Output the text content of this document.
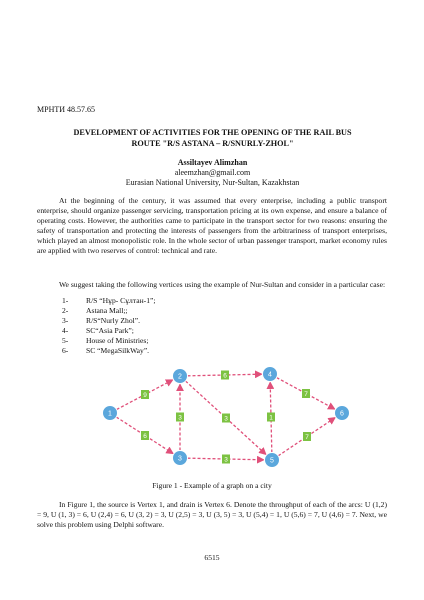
МРНТИ 48.57.65
DEVELOPMENT OF ACTIVITIES FOR THE OPENING OF THE RAIL BUS ROUTE "R/S ASTANA – R/SNURLY-ZHOL"
Assiltayev Alimzhan
aleemzhan@gmail.com
Eurasian National University, Nur-Sultan, Kazakhstan
At the beginning of the century, it was assumed that every enterprise, including a public transport enterprise, should organize passenger servicing, transportation pricing at its own expense, and ensure a balance of operating costs. However, the authorities came to participate in the transport sector for two reasons: ensuring the safety of transportation and protecting the interests of passengers from the arbitrariness of transport enterprises, which played an almost monopolistic role. In the whole sector of urban passenger transport, market economy rules are applied with two reserves of control: technical and rate.
We suggest taking the following vertices using the example of Nur-Sultan and consider in a particular case:
1-	R/S “Нұр- Сұлтан-1”;
2-	Astana Mall;;
3-	R/S“Nurly Zhol”.
4-	SC“Asia Park”;
5-	House of Ministries;
6-	SC “MegaSilkWay”.
9
6
6
3	3
3
1
7
7
1
2
3
4
5
6
Figure 1 - Example of a graph on a city
In Figure 1, the source is Vertex 1, and drain is Vertex 6. Denote the throughput of each of the arcs: U (1,2) = 9, U (1, 3) = 6, U (2,4) = 6, U (3, 2) = 3, U (2,5) = 3, U (3, 5) = 3, U (5,4) = 1, U (5,6) = 7, U (4,6) = 7. Next, we solve this problem using Delphi software.
6515
